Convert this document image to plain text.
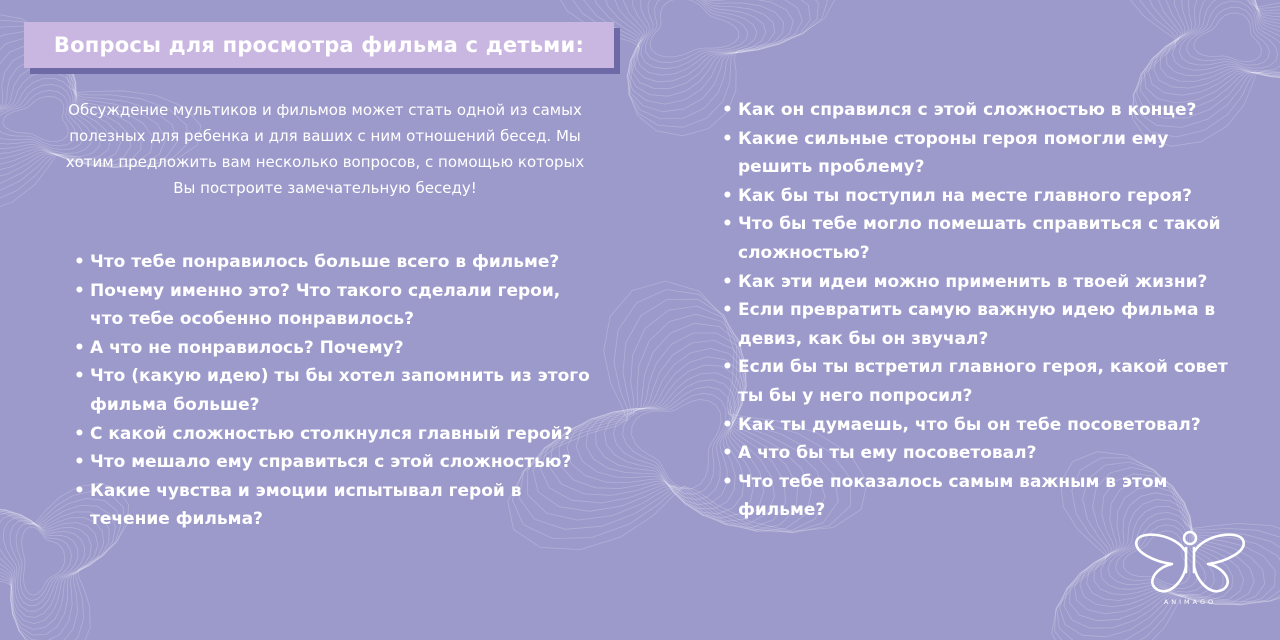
Вопросы для просмотра фильма с детьми:

Обсуждение мультиков и фильмов может стать одной из самых полезных для ребенка и для ваших с ним отношений бесед. Мы хотим предложить вам несколько вопросов, с помощью которых Вы построите замечательную беседу!

• Что тебе понравилось больше всего в фильме?
• Почему именно это? Что такого сделали герои, что тебе особенно понравилось?
• А что не понравилось? Почему?
• Что (какую идею) ты бы хотел запомнить из этого фильма больше?
• С какой сложностью столкнулся главный герой?
• Что мешало ему справиться с этой сложностью?
• Какие чувства и эмоции испытывал герой в течение фильма?
• Как он справился с этой сложностью в конце?
• Какие сильные стороны героя помогли ему решить проблему?
• Как бы ты поступил на месте главного героя?
• Что бы тебе могло помешать справиться с такой сложностью?
• Как эти идеи можно применить в твоей жизни?
• Если превратить самую важную идею фильма в девиз, как бы он звучал?
• Если бы ты встретил главного героя, какой совет ты бы у него попросил?
• Как ты думаешь, что бы он тебе посоветовал?
• А что бы ты ему посоветовал?
• Что тебе показалось самым важным в этом фильме?
ANIMAGO
